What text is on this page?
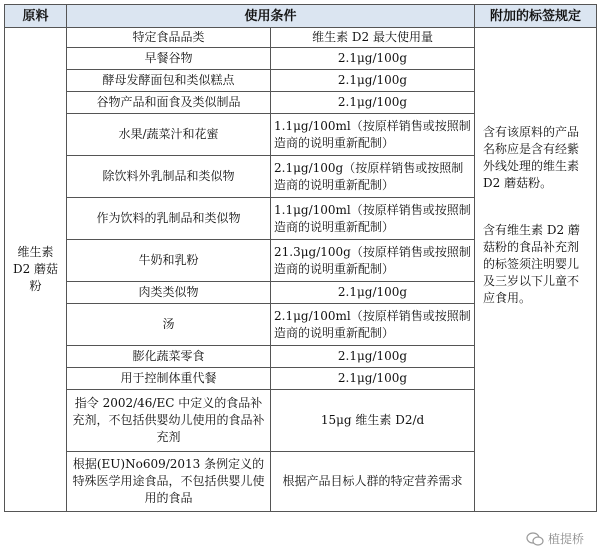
原料	使用条件		附加的标签规定
维生素 D2 蘑菇粉	特定食品品类	维生素 D2 最大使用量	含有该原料的产品名称应是含有经紫外线处理的维生素 D2 蘑菇粉。

含有维生素 D2 蘑菇粉的食品补充剂的标签须注明婴儿及三岁以下儿童不应食用。

	早餐谷物	2.1μg/100g	
	酵母发酵面包和类似糕点	2.1μg/100g	
	谷物产品和面食及类似制品	2.1μg/100g	
	水果/蔬菜汁和花蜜	1.1μg/100ml（按原样销售或按照制造商的说明重新配制）	
	除饮料外乳制品和类似物	2.1μg/100g（按原样销售或按照制造商的说明重新配制）	
	作为饮料的乳制品和类似物	1.1μg/100ml（按原样销售或按照制造商的说明重新配制）	
	牛奶和乳粉	21.3μg/100g（按原样销售或按照制造商的说明重新配制）	
	肉类类似物	2.1μg/100g	
	汤	2.1μg/100ml（按原样销售或按照制造商的说明重新配制）	
	膨化蔬菜零食	2.1μg/100g	
	用于控制体重代餐	2.1μg/100g	
	指令 2002/46/EC 中定义的食品补充剂，不包括供婴幼儿使用的食品补充剂	15μg 维生素 D2/d	
	根据(EU)No609/2013 条例定义的特殊医学用途食品，不包括供婴儿使用的食品	根据产品目标人群的特定营养需求	
植提桥
